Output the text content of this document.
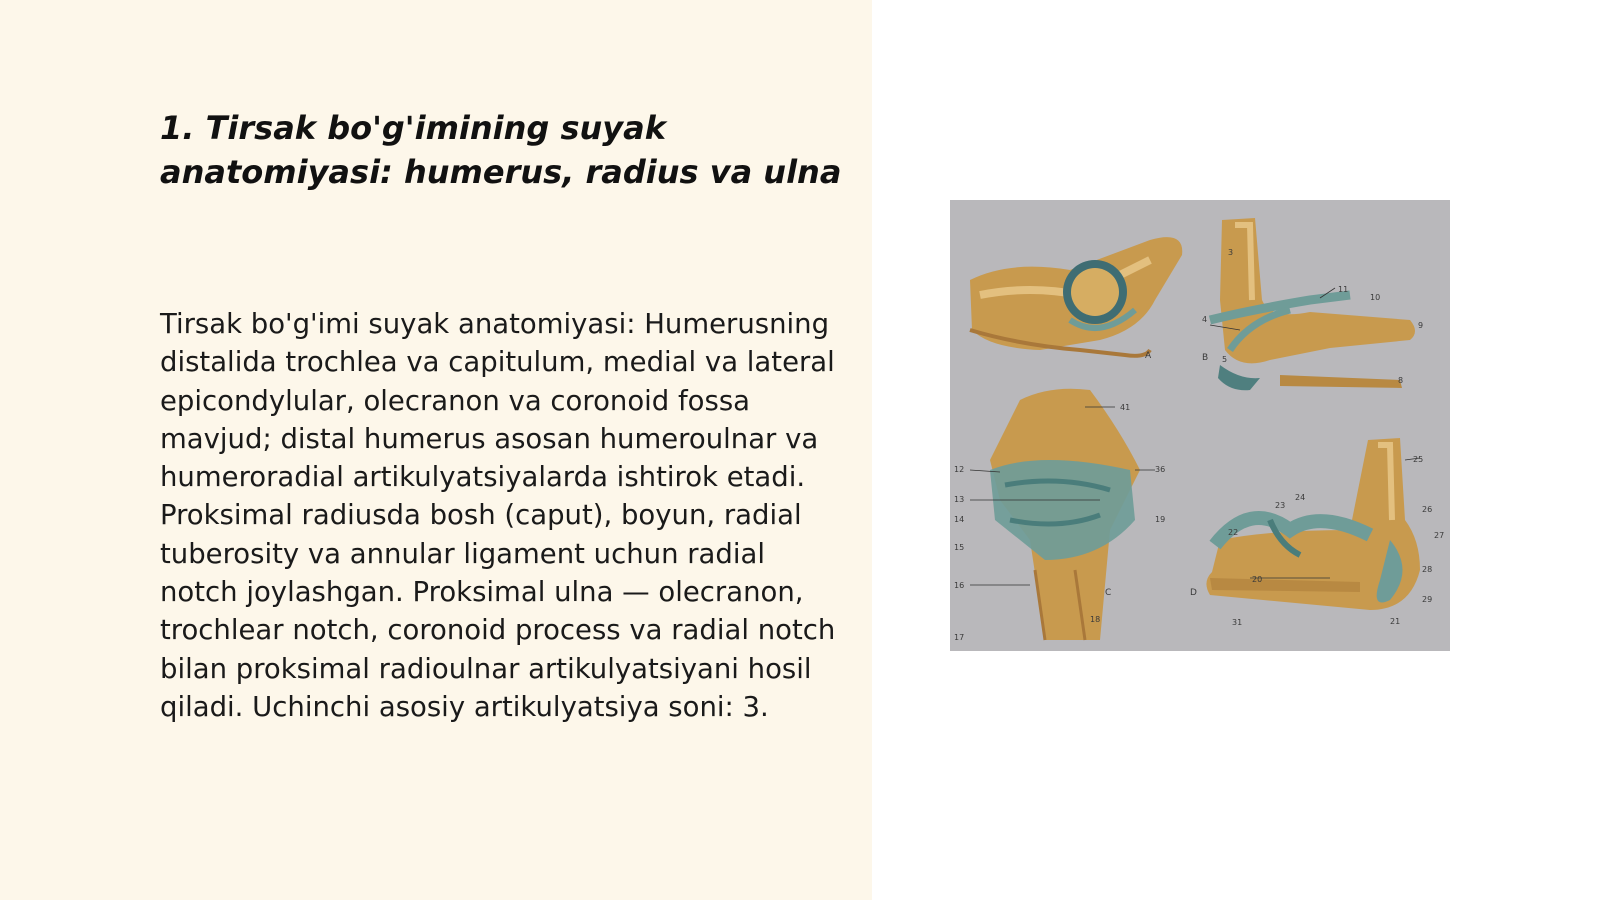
1. Tirsak bo'g'imining suyak anatomiyasi: humerus, radius va ulna

Tirsak bo'g'imi suyak anatomiyasi: Humerusning distalida trochlea va capitulum, medial va lateral epicondylular, olecranon va coronoid fossa mavjud; distal humerus asosan humeroulnar va humeroradial artikulyatsiyalarda ishtirok etadi. Proksimal radiusda bosh (caput), boyun, radial tuberosity va annular ligament uchun radial notch joylashgan. Proksimal ulna — olecranon, trochlear notch, coronoid process va radial notch bilan proksimal radioulnar artikulyatsiyani hosil qiladi. Uchinchi asosiy artikulyatsiya soni: 3.

A	B
C	D
3
4
5
8
9
10
11
41
12
13
14
15
16
17
18
19
36
25
24
23
22
26
27
28
29
20
31	21
